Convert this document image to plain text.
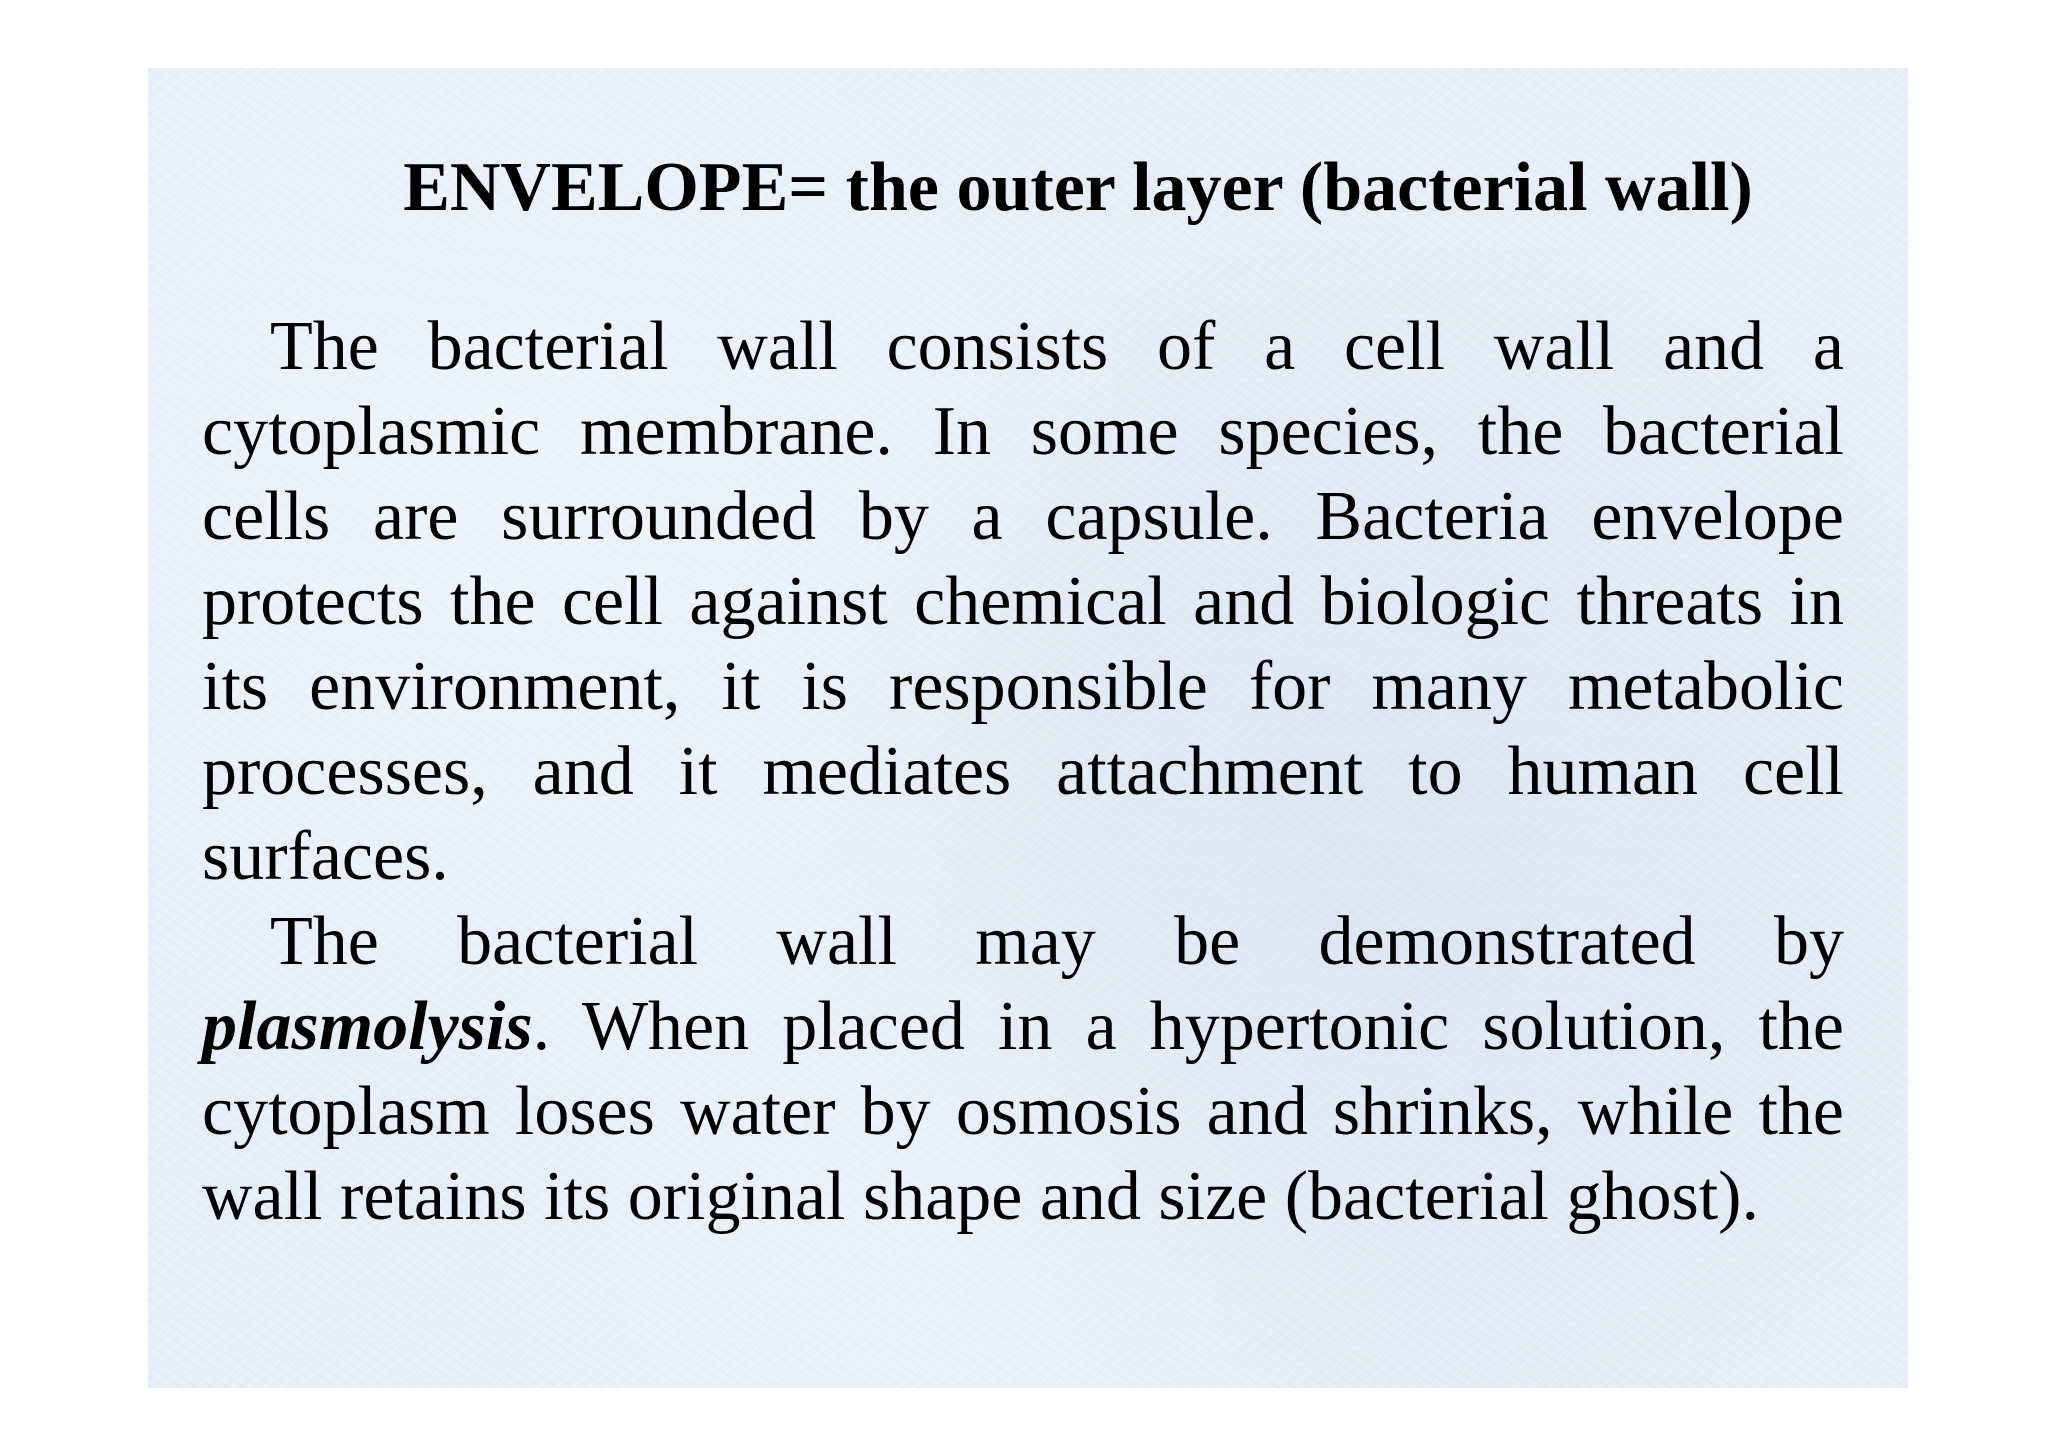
ENVELOPE= the outer layer (bacterial wall)

The bacterial wall consists of a cell wall and a cytoplasmic membrane. In some species, the bacterial cells are surrounded by a capsule. Bacteria envelope protects the cell against chemical and biologic threats in its environment, it is responsible for many metabolic processes, and it mediates attachment to human cell surfaces.

The bacterial wall may be demonstrated by plasmolysis. When placed in a hypertonic solution, the cytoplasm loses water by osmosis and shrinks, while the wall retains its original shape and size (bacterial ghost).
